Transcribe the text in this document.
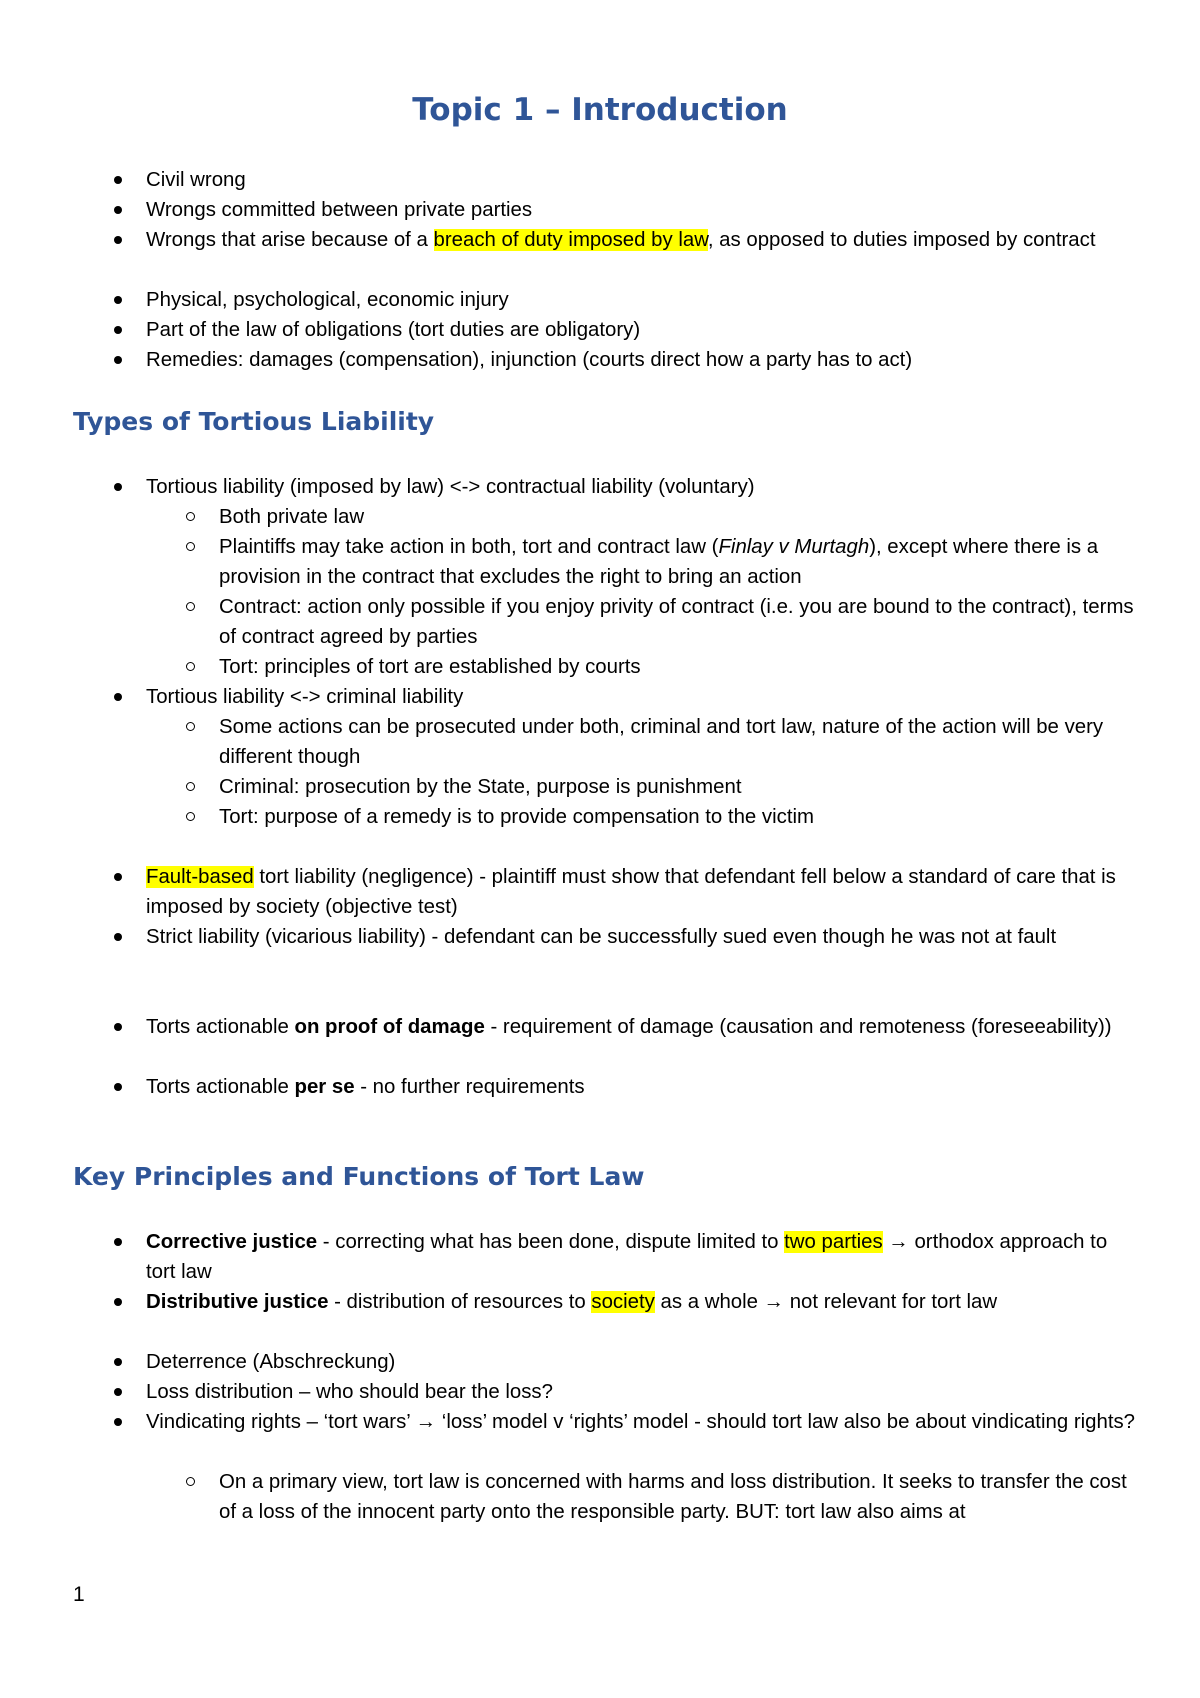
Topic 1 – Introduction

Civil wrong

Wrongs committed between private parties

Wrongs that arise because of a breach of duty imposed by law, as opposed to duties imposed by contract

Physical, psychological, economic injury

Part of the law of obligations (tort duties are obligatory)

Remedies: damages (compensation), injunction (courts direct how a party has to act)

Types of Tortious Liability

Tortious liability (imposed by law) <-> contractual liability (voluntary)

Both private law

Plaintiffs may take action in both, tort and contract law (Finlay v Murtagh), except where there is a provision in the contract that excludes the right to bring an action

Contract: action only possible if you enjoy privity of contract (i.e. you are bound to the contract), terms of contract agreed by parties

Tort: principles of tort are established by courts

Tortious liability <-> criminal liability

Some actions can be prosecuted under both, criminal and tort law, nature of the action will be very different though

Criminal: prosecution by the State, purpose is punishment

Tort: purpose of a remedy is to provide compensation to the victim

Fault-based tort liability (negligence) - plaintiff must show that defendant fell below a standard of care that is imposed by society (objective test)

Strict liability (vicarious liability) - defendant can be successfully sued even though he was not at fault

Torts actionable on proof of damage - requirement of damage (causation and remoteness (foreseeability))

Torts actionable per se - no further requirements

Key Principles and Functions of Tort Law

Corrective justice - correcting what has been done, dispute limited to two parties → orthodox approach to tort law

Distributive justice - distribution of resources to society as a whole → not relevant for tort law

Deterrence (Abschreckung)

Loss distribution – who should bear the loss?

Vindicating rights – ‘tort wars’ → ‘loss’ model v ‘rights’ model - should tort law also be about vindicating rights?

On a primary view, tort law is concerned with harms and loss distribution. It seeks to transfer the cost of a loss of the innocent party onto the responsible party. BUT: tort law also aims at

1
